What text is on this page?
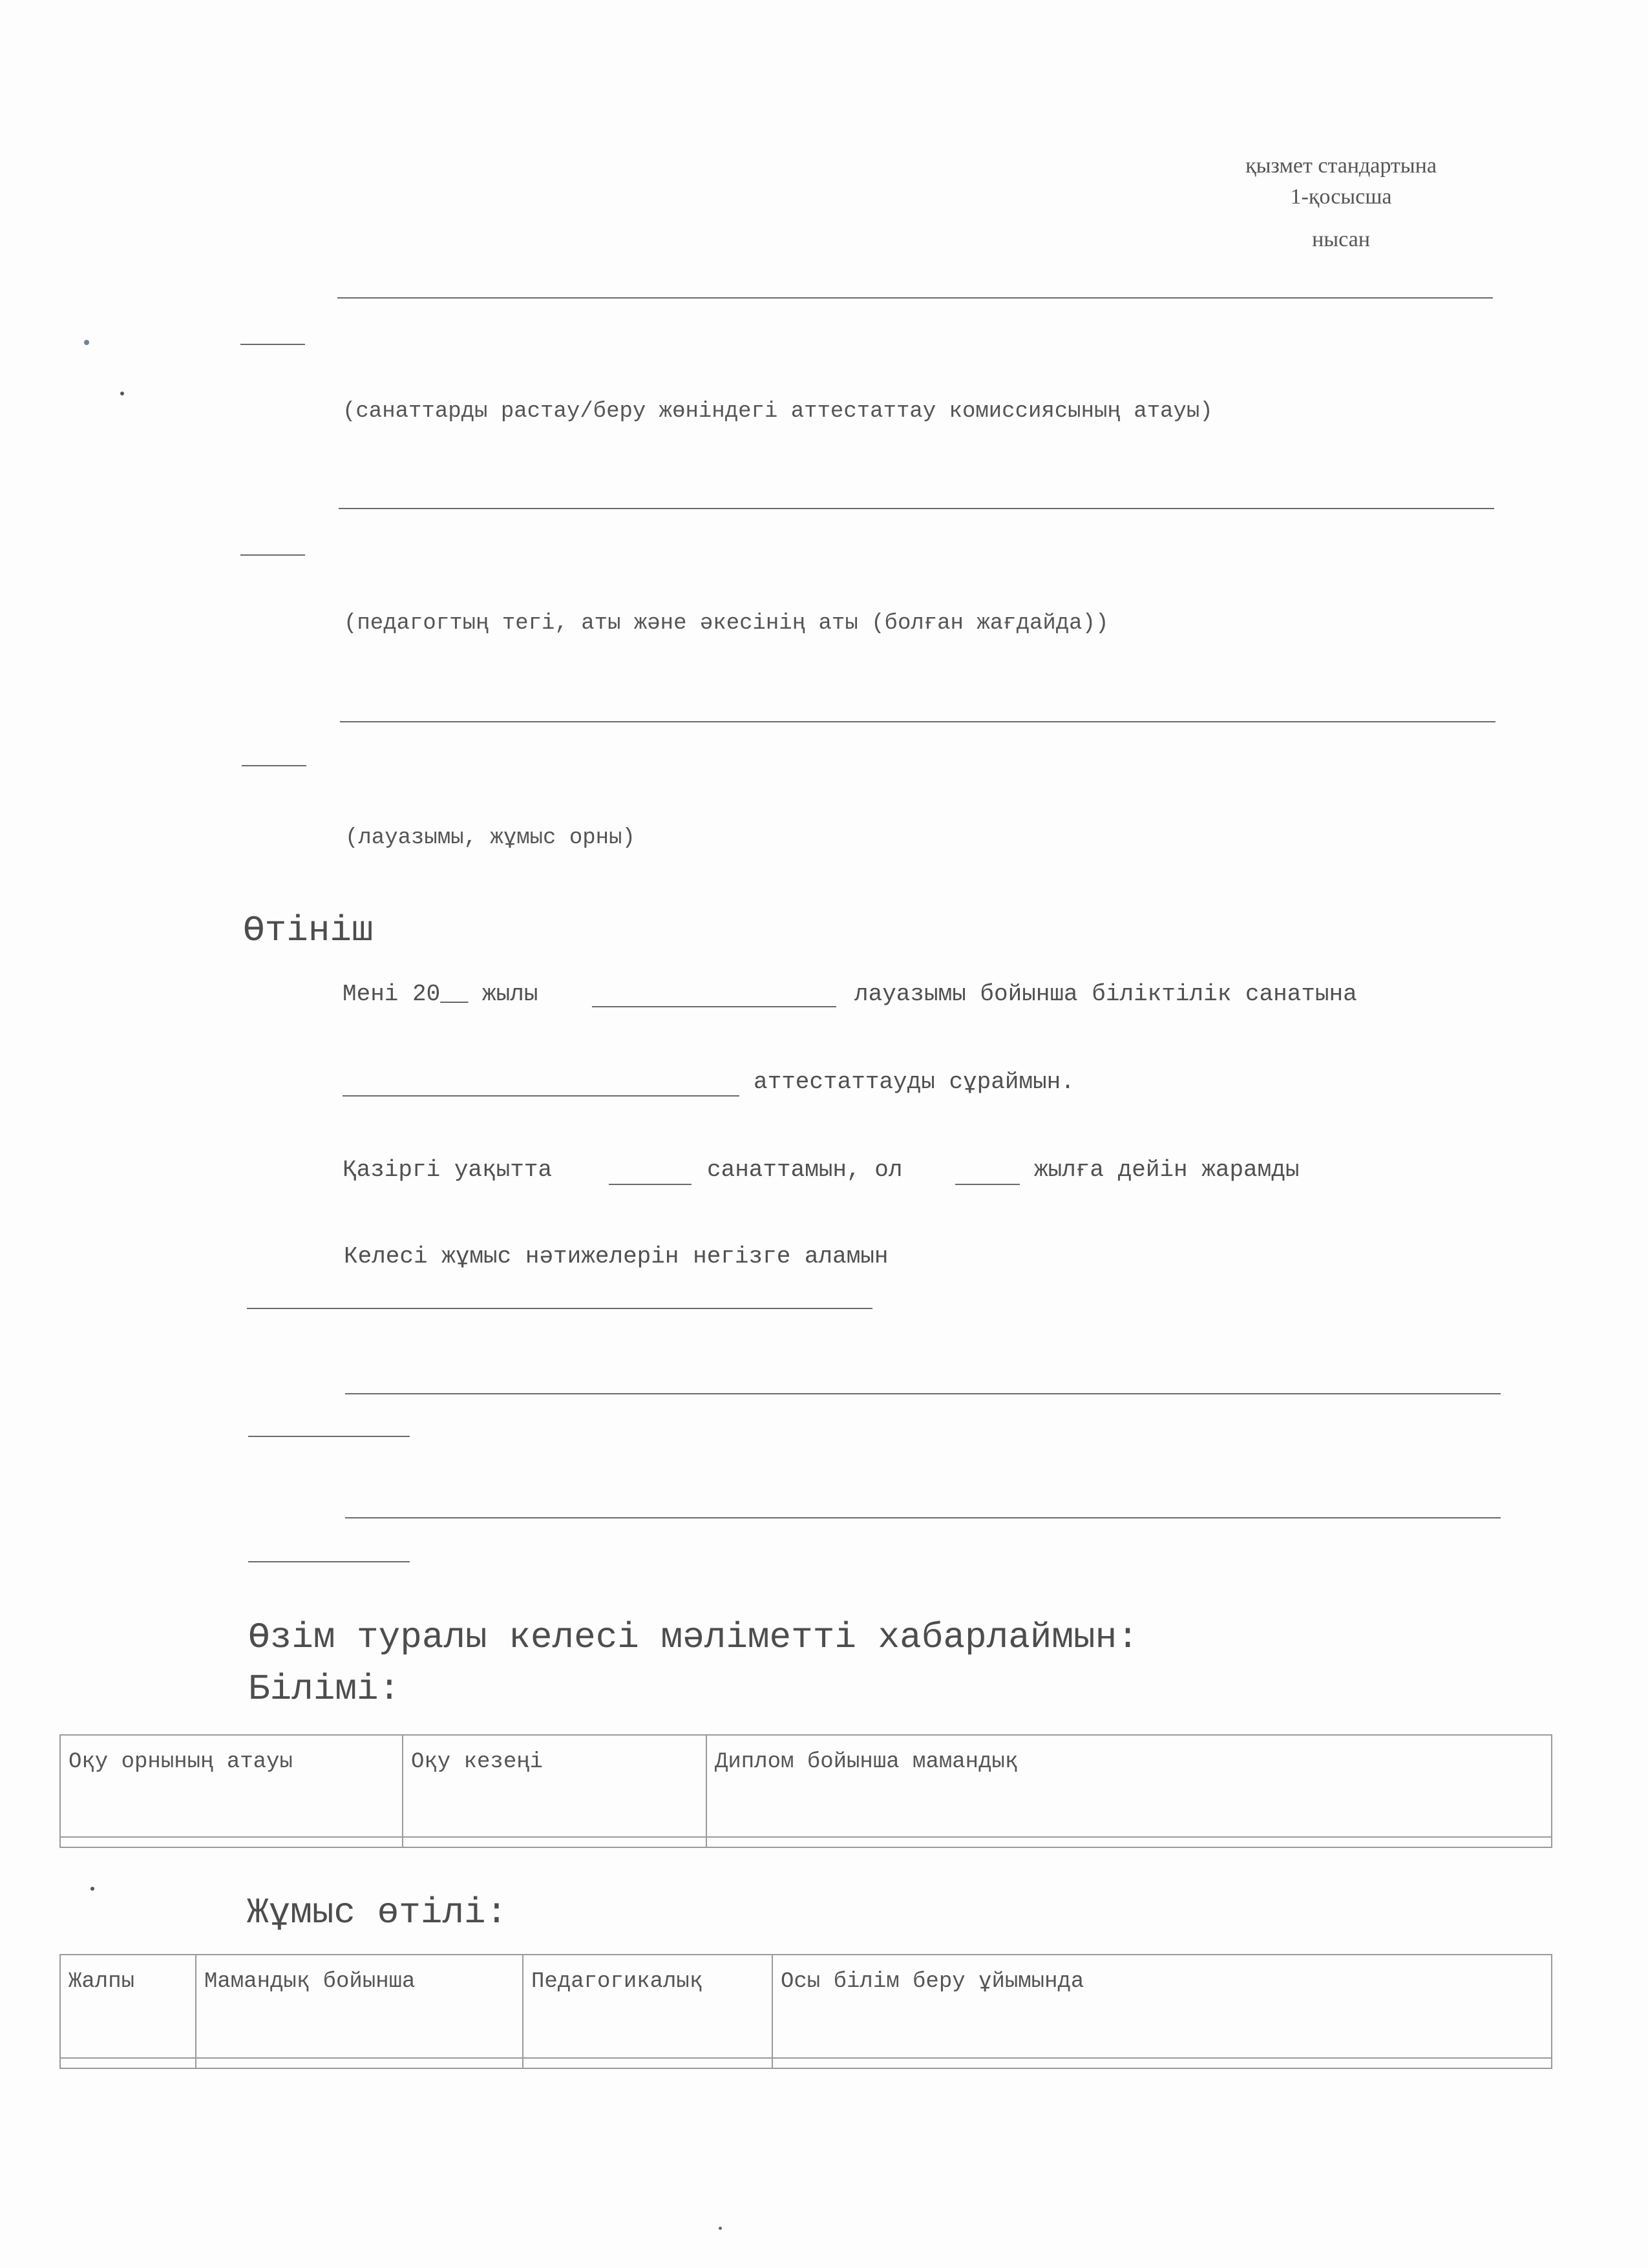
қызмет стандартына
1-қосысша
нысан
(санаттарды растау/беру жөніндегі аттестаттау комиссиясының атауы)
(педагогтың тегі, аты және әкесінің аты (болған жағдайда))
(лауазымы, жұмыс орны)
Өтініш
Мені 20__ жылы	лауазымы бойынша біліктілік санатына
аттестаттауды сұраймын.
Қазіргі уақытта	санаттамын, ол	жылға дейін жарамды
Келесі жұмыс нәтижелерін негізге аламын
Өзім туралы келесі мәліметті хабарлаймын:
Білімі:
Оқу орнының атауы	Оқу кезеңі	Диплом бойынша мамандық

Жұмыс өтілі:
Жалпы	Мамандық бойынша	Педагогикалық	Осы білім беру ұйымында
